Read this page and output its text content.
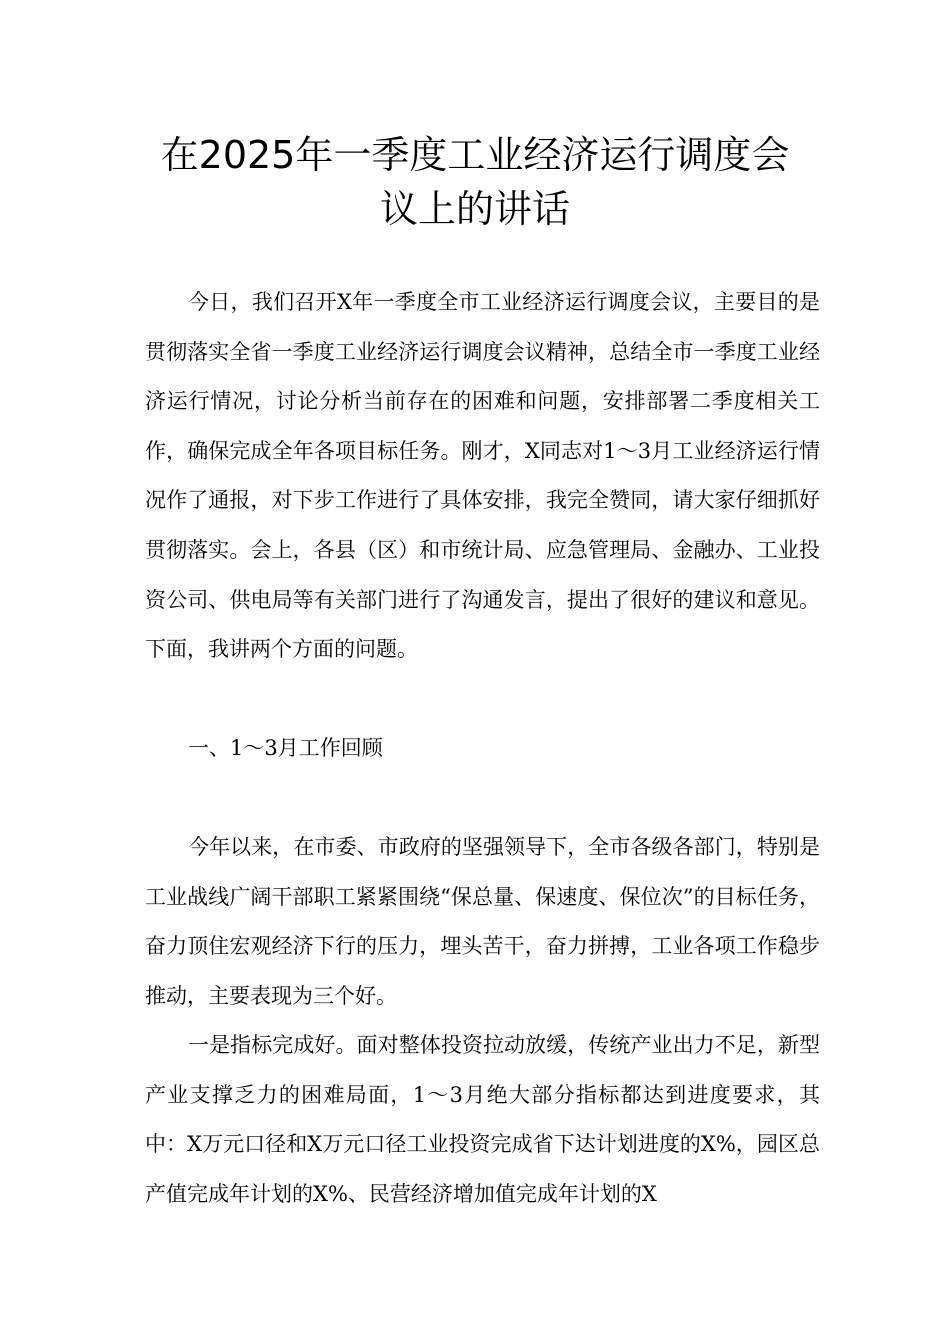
在2025年一季度工业经济运行调度会
议上的讲话

今日，我们召开X年一季度全市工业经济运行调度会议，主要目的是贯彻落实全省一季度工业经济运行调度会议精神，总结全市一季度工业经济运行情况，讨论分析当前存在的困难和问题，安排部署二季度相关工作，确保完成全年各项目标任务。刚才，X同志对1～3月工业经济运行情况作了通报，对下步工作进行了具体安排，我完全赞同，请大家仔细抓好贯彻落实。会上，各县（区）和市统计局、应急管理局、金融办、工业投资公司、供电局等有关部门进行了沟通发言，提出了很好的建议和意见。下面，我讲两个方面的问题。

一、1～3月工作回顾

今年以来，在市委、市政府的坚强领导下，全市各级各部门，特别是工业战线广阔干部职工紧紧围绕“保总量、保速度、保位次”的目标任务，奋力顶住宏观经济下行的压力，埋头苦干，奋力拼搏，工业各项工作稳步推动，主要表现为三个好。

一是指标完成好。面对整体投资拉动放缓，传统产业出力不足，新型产业支撑乏力的困难局面，1～3月绝大部分指标都达到进度要求，其中：X万元口径和X万元口径工业投资完成省下达计划进度的X%，园区总产值完成年计划的X%、民营经济增加值完成年计划的X
